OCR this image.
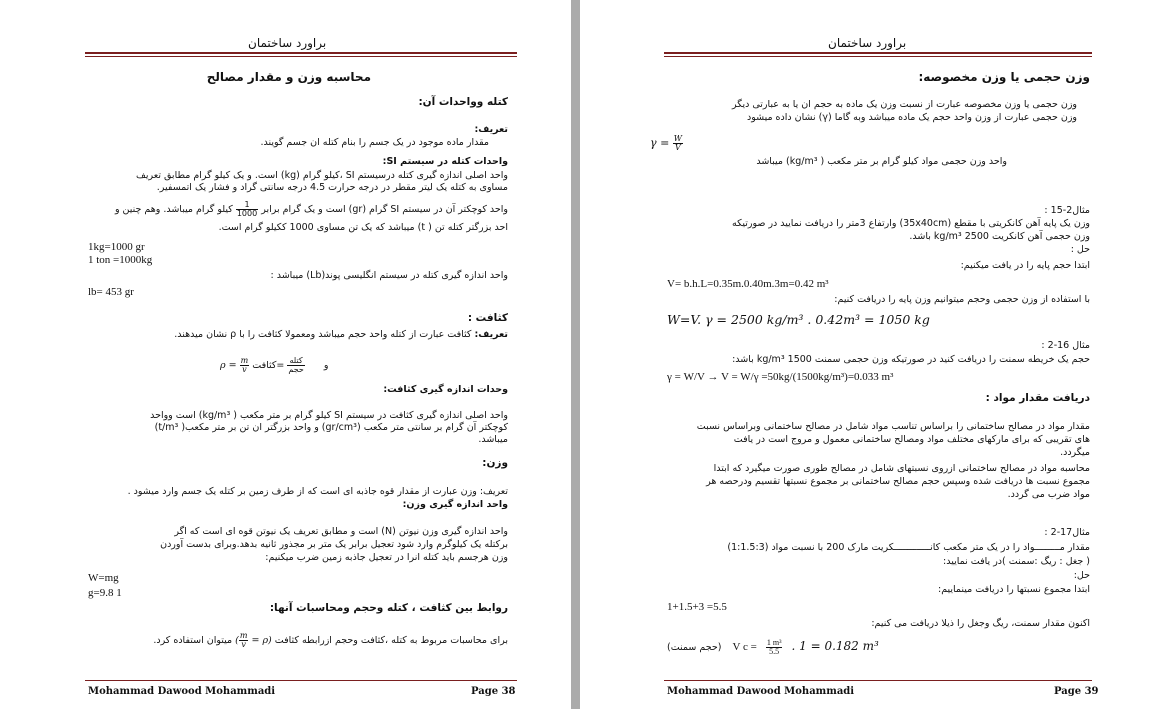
براورد ساختمان
محاسبه وزن و مقدار مصالح
کتله وواحدات آن:
تعریف:
مقدار ماده موجود در یک جسم را بنام کتله ان جسم گویند.
واحدات کتله در سیستم SI:
واحد اصلی اندازه گیری کتله درسیستم SI ،کیلو گرام (kg) است. و یک کیلو گرام مطابق تعریف
مساوی به کتله یک لیتر مقطر در درجه حرارت 4.5 درجه سانتی گراد و فشار یک اتمسفیر.
واحد کوچکتر آن در سیستم SI گرام (gr) است و یک گرام برابر
$\frac{1}{1000}$
کیلو گرام میباشد. وهم چنین و
احد بزرگتر کتله تن ( t) میباشد که یک تن مساوی 1000 ککیلو گرام است.
1kg=1000 gr
1 ton =1000kg
واحد اندازه گیری کتله در سیستم انگلیسی پوند(Lb) میباشد :
lb= 453 gr
کثافت :
تعریف: کثافت عبارت از کتله واحد حجم میباشد ومعمولا کثافت را با ρ نشان میدهند.
$\rho = \frac{m}{v}$	و
$\frac{\text{کتله}}{\text{حجم}}$
=کثافت
وحدات اندازه گیری کثافت:
واحد اصلی اندازه گیری کثافت در سیستم SI کیلو گرام بر متر مکعب ( kg/m³) است وواحد
کوچکتر آن گرام بر سانتی متر مکعب (gr/cm³) و واحد بزرگتر ان تن بر متر مکعب( t/m³)
میباشد.
وزن:
تعریف: وزن عبارت از مقدار قوه جاذبه ای است که از طرف زمین بر کتله یک جسم وارد میشود .
واحد اندازه گیری وزن:
واحد اندازه گیری وزن نیوتن (N) است و مطابق تعریف یک نیوتن قوه ای است که اگر
برکتله یک کیلوگرم وارد شود تعجیل برابر یک متر بر مجذور ثانیه بدهد.وبرای بدست آوردن
وزن هرجسم باید کتله انرا در تعجیل جاذبه زمین ضرب میکنیم:
W=mg
g=9.8 1
روابط بین کثافت ، کتله وحجم ومحاسبات آنها:
برای محاسبات مربوط به کتله ،کثافت وحجم ازرابطه کثافت (ρ =
$\frac{m}{v}$
) میتوان استفاده کرد.
Mohammad Dawood Mohammadi	Page 38
براورد ساختمان
وزن حجمی یا وزن مخصوصه:
وزن حجمی یا وزن مخصوصه عبارت از نسبت وزن یک ماده به حجم ان یا به عبارتی دیگر
وزن حجمی عبارت از وزن واحد حجم یک ماده میباشد وبه گاما (γ) نشان داده میشود
$\gamma = \frac{W}{V}$
واحد وزن حجمی مواد کیلو گرام بر متر مکعب ( kg/m³) میباشد
مثال2-15 :
وزن یک پایه آهن کانکریتی با مقطع (35x40cm) وارتفاع 3متر را دریافت نمایید در صورتیکه
وزن حجمی آهن کانکریت 2500 kg/m³ باشد.
حل :
ابتدا حجم پایه را در یافت میکنیم:
V= b.h.L=0.35m.0.40m.3m=0.42 m³
با استفاده از وزن حجمی وحجم میتوانیم وزن پایه را دریافت کنیم:
W=V. γ = 2500 kg/m³ . 0.42m³ = 1050 kg
مثال 16-2 :
حجم یک خریطه سمنت را دریافت کنید در صورتیکه وزن حجمی سمنت 1500 kg/m³ باشد:
γ = W/V → V = W/γ =50kg/(1500kg/m³)=0.033 m³
دریافت مقدار مواد :
مقدار مواد در مصالح ساختمانی را براساس تناسب مواد شامل در مصالح ساختمانی وبراساس نسبت
های تقریبی که برای مارکهای مختلف مواد ومصالح ساختمانی معمول و مروج است در یافت
میگردد.
محاسبه مواد در مصالح ساختمانی ازروی نسبتهای شامل در مصالح طوری صورت میگیرد که ابتدا
مجموع نسبت ها دریافت شده وسپس حجم مصالح ساختمانی بر مجموع نسبتها تقسیم ودرحصه هر
مواد ضرب می گردد.
مثال17-2 :
مقدار مـــــــــواد را در یک متر مکعب کانـــــــــــــکریت مارک 200 با نسبت مواد (1:1.5:3)
( جغل : ریگ :سمنت )در یافت نمایید:
حل:
ابتدا مجموع نسبتها را دریافت مینماییم:
1+1.5+3 =5.5
اکنون مقدار سمنت، ریگ وجغل را ذیلا دریافت می کنیم:
(حجم سمنت) V $c = \frac{\text{1 m³}}{5.5}$ . 1 = 0.182 m³
Mohammad Dawood Mohammadi	Page 39
